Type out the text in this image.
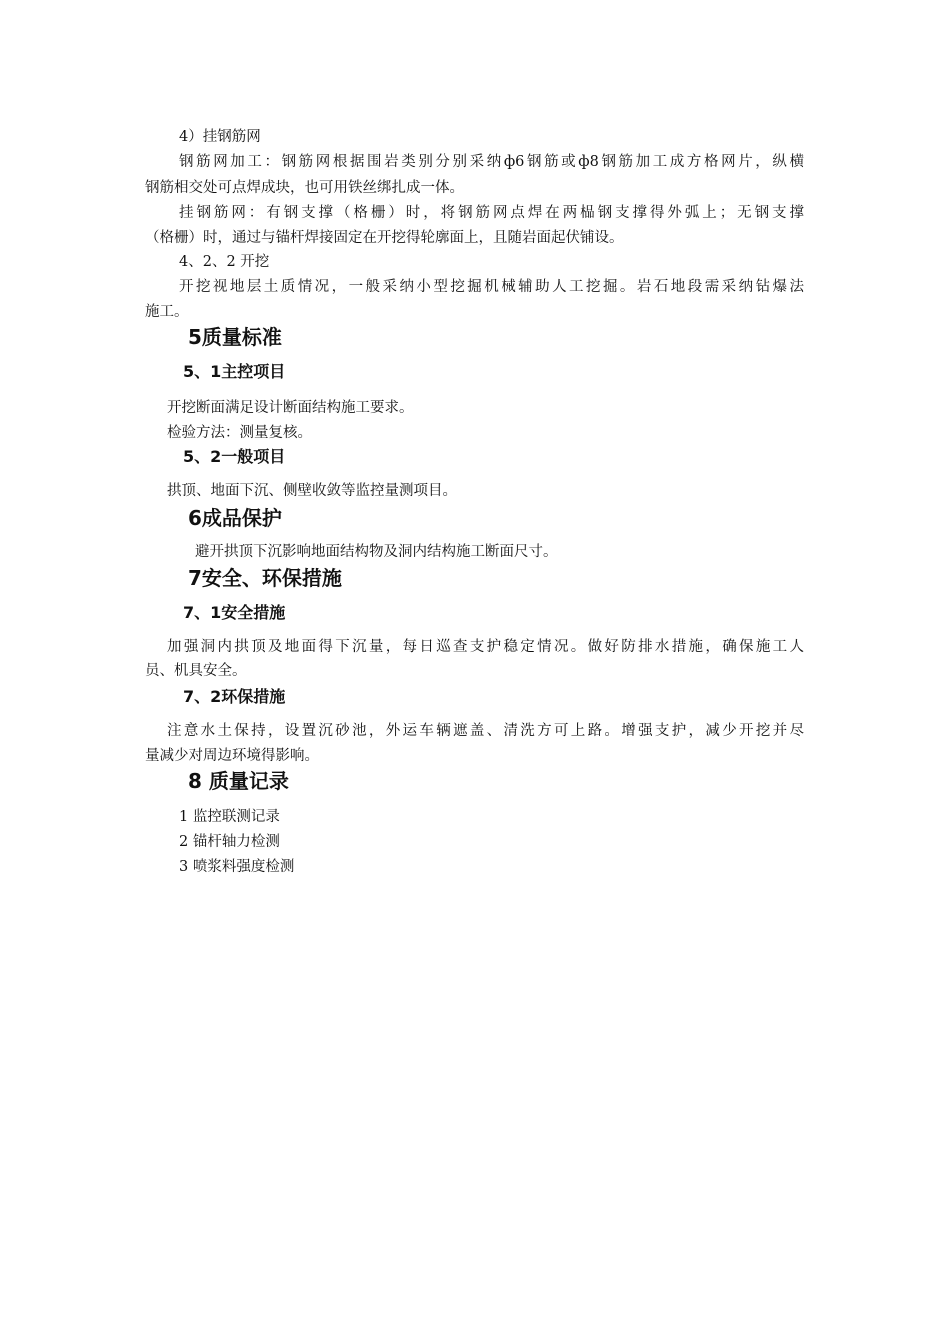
4）挂钢筋网
钢筋网加工：钢筋网根据围岩类别分别采纳ф6钢筋或ф8钢筋加工成方格网片，纵横
钢筋相交处可点焊成块，也可用铁丝绑扎成一体。
挂钢筋网：有钢支撑（格栅）时，将钢筋网点焊在两榀钢支撑得外弧上；无钢支撑
（格栅）时，通过与锚杆焊接固定在开挖得轮廓面上，且随岩面起伏铺设。
4、2、2 开挖
开挖视地层土质情况，一般采纳小型挖掘机械辅助人工挖掘。岩石地段需采纳钻爆法
施工。
5质量标准
5、1主控项目
开挖断面满足设计断面结构施工要求。
检验方法：测量复核。
5、2一般项目
拱顶、地面下沉、侧壁收敛等监控量测项目。
6成品保护
避开拱顶下沉影响地面结构物及洞内结构施工断面尺寸。
7安全、环保措施
7、1安全措施
加强洞内拱顶及地面得下沉量，每日巡查支护稳定情况。做好防排水措施，确保施工人
员、机具安全。
7、2环保措施
注意水土保持，设置沉砂池，外运车辆遮盖、清洗方可上路。增强支护，减少开挖并尽
量减少对周边环境得影响。
8 质量记录
1 监控联测记录
2 锚杆轴力检测
3 喷浆料强度检测
